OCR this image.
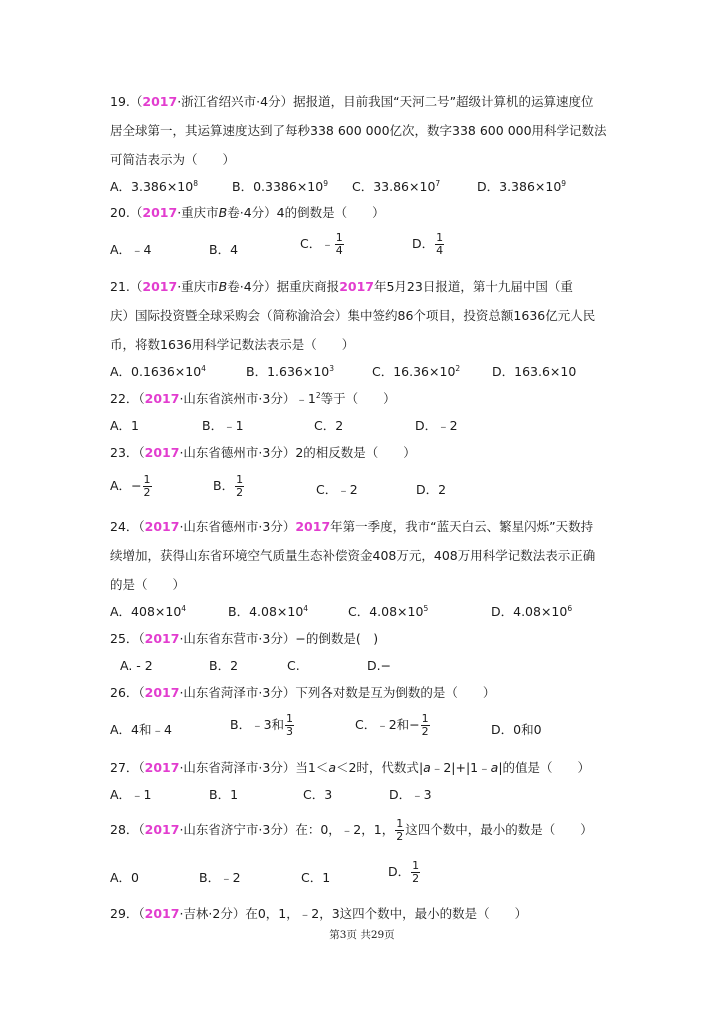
19.（2017·浙江省绍兴市·4分）据报道，目前我国“天河二号”超级计算机的运算速度位
居全球第一，其运算速度达到了每秒338 600 000亿次，数字338 600 000用科学记数法
可简洁表示为（　　）
A．$3.386\times 10^8$	B．$0.3386\times 10^9$ C．$33.86\times 10^7$	D．$3.386\times 10^9$
20.（2017·重庆市B卷·4分）4的倒数是（　　）
A．﹣4	B．4	C．﹣ $\frac{1}{4}$	D． $\frac{1}{4}$
21.（2017·重庆市B卷·4分）据重庆商报2017年5月23日报道，第十九届中国（重
庆）国际投资暨全球采购会（简称渝洽会）集中签约86个项目，投资总额1636亿元人民
币，将数1636用科学记数法表示是（　　）
A．$0.1636\times 10^4$	B．$1.636\times 10^3$	C．$16.36\times 10^2$	D．163.6×10
22．（2017·山东省滨州市·3分）$﹣1^2$等于（　　）
A．1	B．﹣1	C．2	D．﹣2
23．（2017·山东省德州市·3分）2的相反数是（　　）
A．− $\frac{1}{2}$	B． $\frac{1}{2}$	C．﹣2	D．2
24．（2017·山东省德州市·3分）2017年第一季度，我市“蓝天白云、繁星闪烁”天数持
续增加，获得山东省环境空气质量生态补偿资金408万元，408万用科学记数法表示正确
的是（　　）
A．$408\times 10^4$	B．$4.08\times 10^4$	C．$4.08\times 10^5$	D．$4.08\times 10^6$
25．（2017·山东省东营市·3分）−的倒数是(　)
A. - 2	B．2	C.	D.−
26．（2017·山东省菏泽市·3分）下列各对数是互为倒数的是（　　）
A．4和﹣4	B．﹣3和 $\frac{1}{3}$	C．﹣2和− $\frac{1}{2}$	D．0和0
27．（2017·山东省菏泽市·3分）当1＜a＜2时，代数式|a﹣2|+|1﹣a|的值是（　　）
A．﹣1	B．1	C．3	D．﹣3
28．（2017·山东省济宁市·3分）在：0，﹣2，1， $\frac{1}{2}$ 这四个数中，最小的数是（　　）
A．0	B．﹣2	C．1	D． $\frac{1}{2}$
29．（2017·吉林·2分）在0，1，﹣2，3这四个数中，最小的数是（　　）
第3页 共29页
